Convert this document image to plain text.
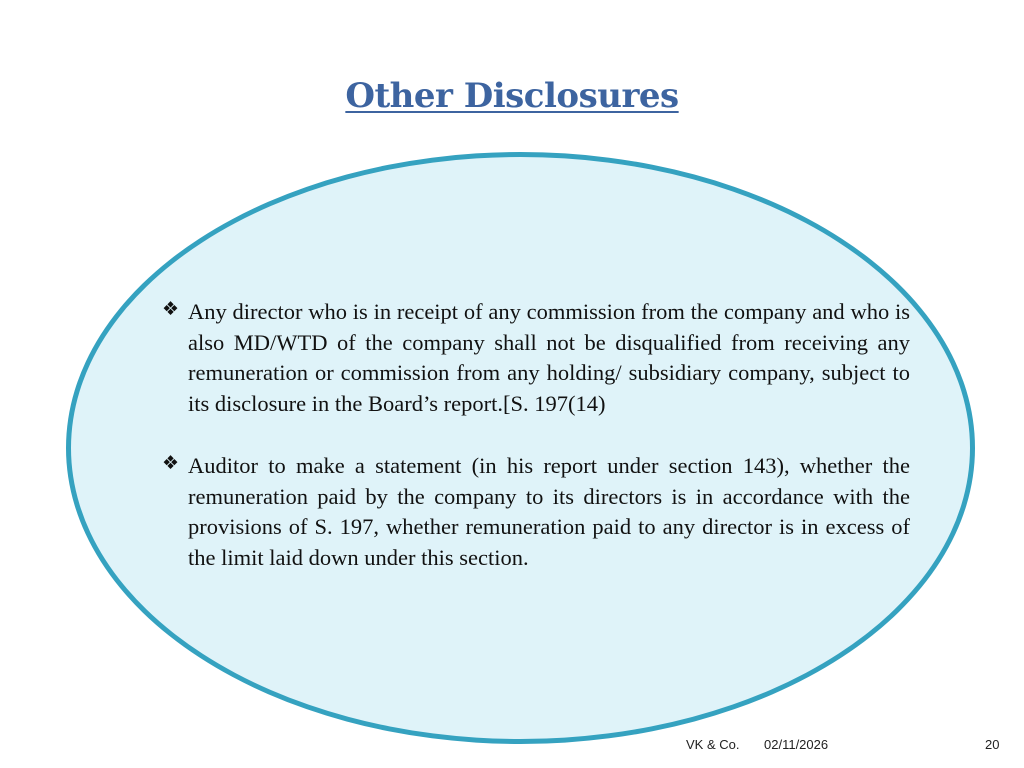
Other Disclosures
❖ Any director who is in receipt of any commission from the company and who is also MD/WTD of the company shall not be disqualified from receiving any remuneration or commission from any holding/ subsidiary company, subject to its disclosure in the Board’s report.[S. 197(14)
❖ Auditor to make a statement (in his report under section 143), whether the remuneration paid by the company to its directors is in accordance with the provisions of S. 197, whether remuneration paid to any director is in excess of the limit laid down under this section.
VK & Co. 02/11/2026	20
